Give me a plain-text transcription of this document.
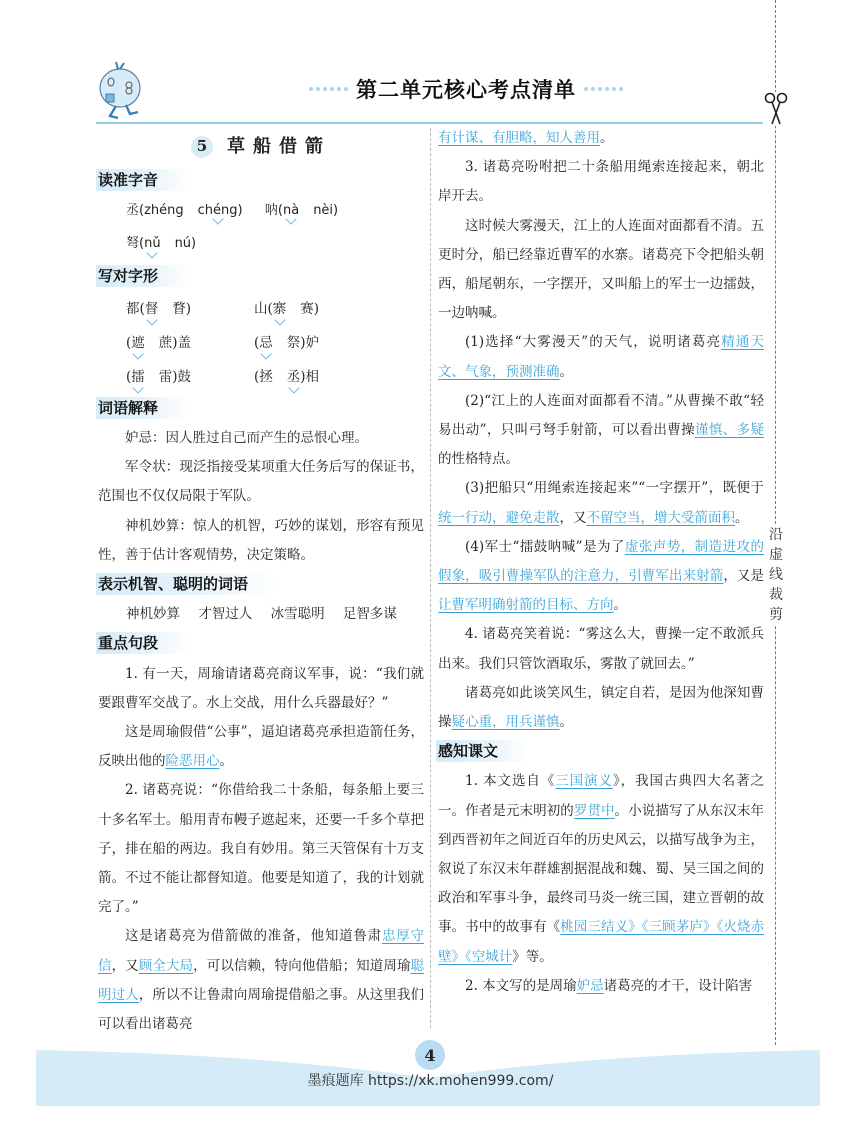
第二单元核心考点清单
沿
虚
线
裁
剪
5	草船借箭
读准字音
丞(zhéng chéng) 呐(nà nèi)
弩(nǔ nú)
写对字形
都(督 瞀)	山(寨 赛)
(遮 蔗)盖	(忌 祭)妒
(擂 雷)鼓	(拯 丞)相
词语解释
妒忌：因人胜过自己而产生的忌恨心理。
军令状：现泛指接受某项重大任务后写的保证书，范围也不仅仅局限于军队。
神机妙算：惊人的机智，巧妙的谋划，形容有预见性，善于估计客观情势，决定策略。
表示机智、聪明的词语
神机妙算 才智过人 冰雪聪明 足智多谋
重点句段
1. 有一天，周瑜请诸葛亮商议军事，说：“我们就要跟曹军交战了。水上交战，用什么兵器最好？”
这是周瑜假借“公事”，逼迫诸葛亮承担造箭任务，反映出他的险恶用心。
2. 诸葛亮说：“你借给我二十条船，每条船上要三十多名军士。船用青布幔子遮起来，还要一千多个草把子，排在船的两边。我自有妙用。第三天管保有十万支箭。不过不能让都督知道。他要是知道了，我的计划就完了。”
这是诸葛亮为借箭做的准备，他知道鲁肃忠厚守信，又顾全大局，可以信赖，特向他借船；知道周瑜聪明过人，所以不让鲁肃向周瑜提借船之事。从这里我们可以看出诸葛亮
有计谋、有胆略，知人善用。
3. 诸葛亮吩咐把二十条船用绳索连接起来，朝北岸开去。
这时候大雾漫天，江上的人连面对面都看不清。五更时分，船已经靠近曹军的水寨。诸葛亮下令把船头朝西，船尾朝东，一字摆开，又叫船上的军士一边擂鼓，一边呐喊。
(1)选择“大雾漫天”的天气，说明诸葛亮精通天文、气象，预测准确。
(2)“江上的人连面对面都看不清。”从曹操不敢“轻易出动”，只叫弓弩手射箭，可以看出曹操谨慎、多疑的性格特点。
(3)把船只“用绳索连接起来”“一字摆开”，既便于统一行动，避免走散，又不留空当，增大受箭面积。
(4)军士“擂鼓呐喊”是为了虚张声势，制造进攻的假象，吸引曹操军队的注意力，引曹军出来射箭，又是让曹军明确射箭的目标、方向。
4. 诸葛亮笑着说：“雾这么大，曹操一定不敢派兵出来。我们只管饮酒取乐，雾散了就回去。”
诸葛亮如此谈笑风生，镇定自若，是因为他深知曹操疑心重，用兵谨慎。
感知课文
1. 本文选自《三国演义》，我国古典四大名著之一。作者是元末明初的罗贯中。小说描写了从东汉末年到西晋初年之间近百年的历史风云，以描写战争为主，叙说了东汉末年群雄割据混战和魏、蜀、吴三国之间的政治和军事斗争，最终司马炎一统三国，建立晋朝的故事。书中的故事有《桃园三结义》《三顾茅庐》《火烧赤壁》《空城计》等。
2. 本文写的是周瑜妒忌诸葛亮的才干，设计陷害
4
墨痕题库 https://xk.mohen999.com/
